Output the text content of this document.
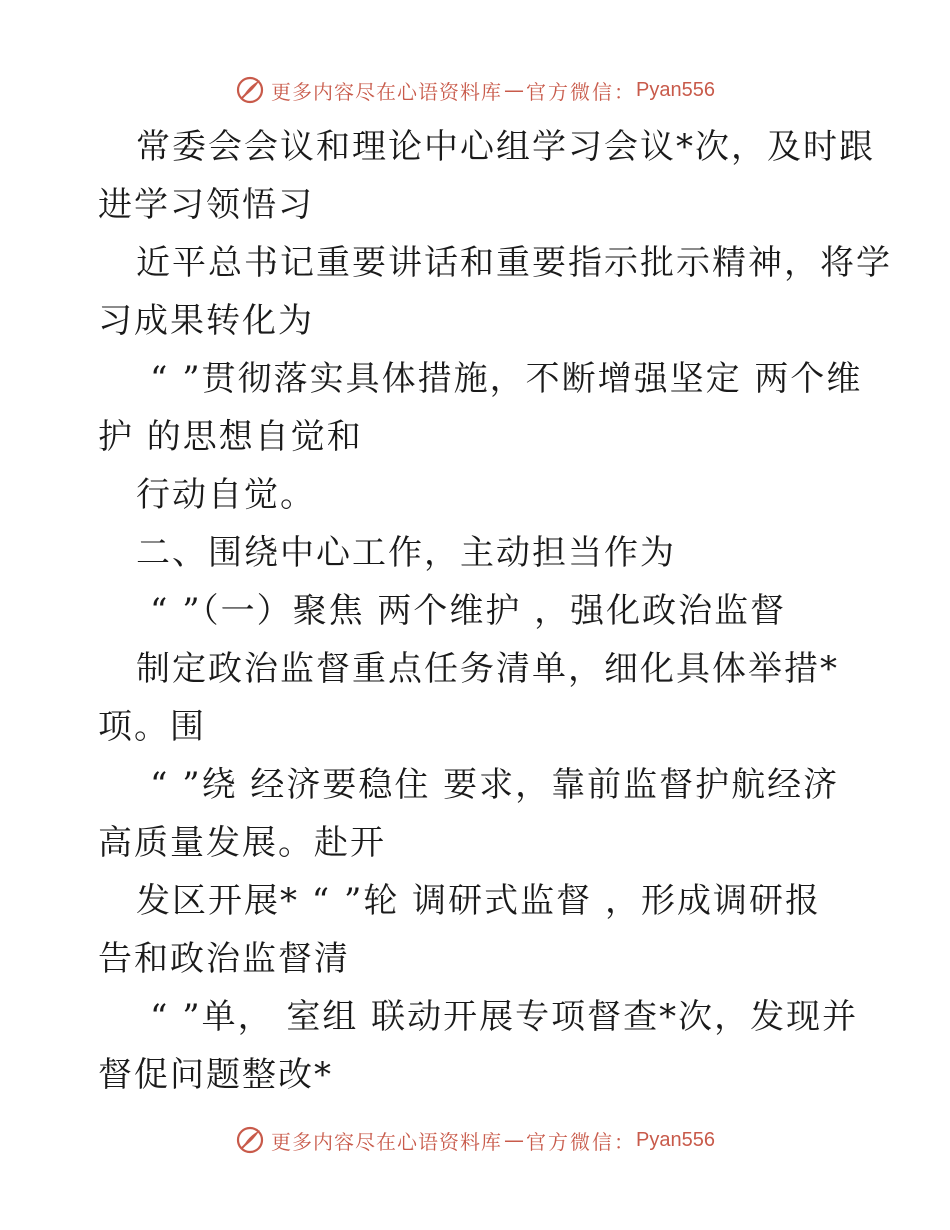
更多内容尽在心语资料库 — 官方微信： Pyan556
常委会会议和理论中心组学习会议*次，及时跟
进学习领悟习
近平总书记重要讲话和重要指示批示精神，将学
习成果转化为
“ ”贯彻落实具体措施，不断增强坚定 两个维
护 的思想自觉和
行动自觉。
二、围绕中心工作，主动担当作为
“ ”（一）聚焦 两个维护 ，强化政治监督
制定政治监督重点任务清单，细化具体举措*
项。围
“ ”绕 经济要稳住 要求，靠前监督护航经济
高质量发展。赴开
发区开展* “ ”轮 调研式监督 ，形成调研报
告和政治监督清
“ ”单， 室组 联动开展专项督查*次，发现并
督促问题整改*
更多内容尽在心语资料库 — 官方微信： Pyan556
